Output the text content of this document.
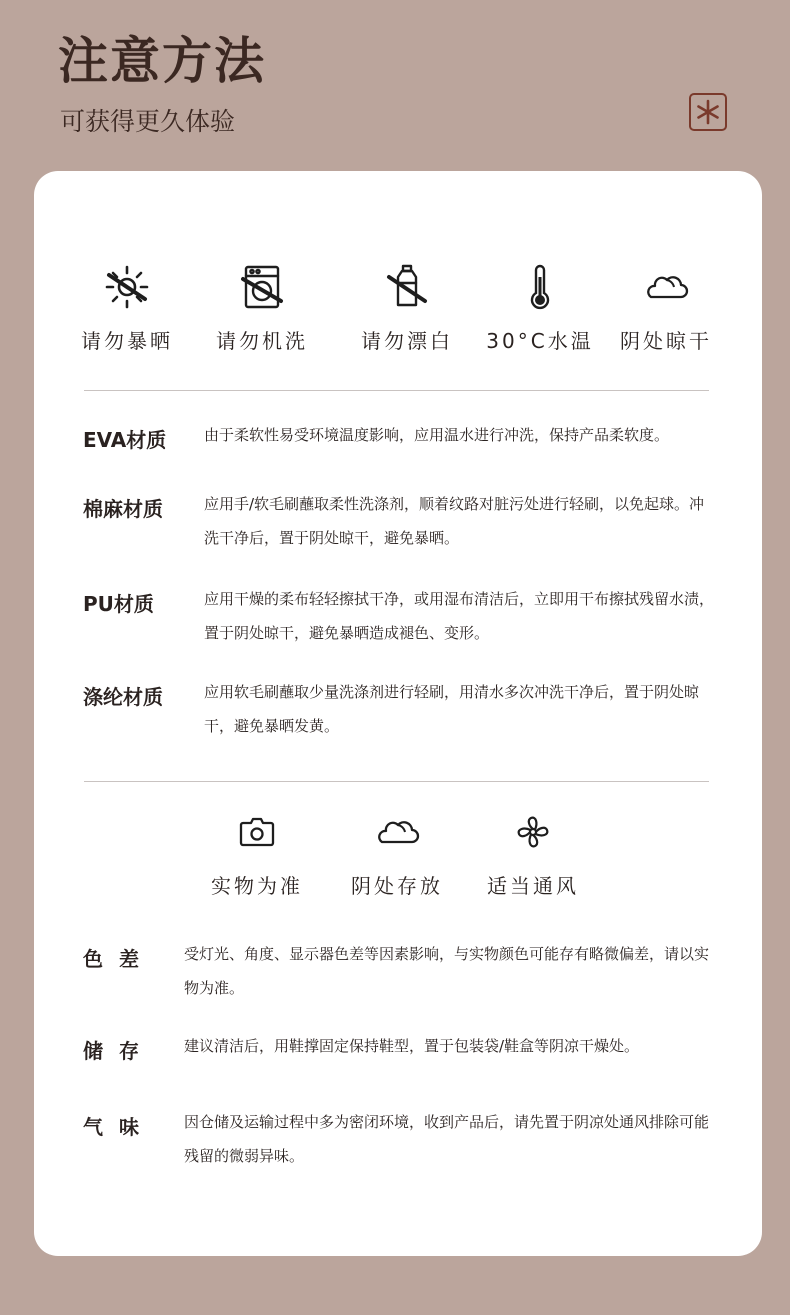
注意方法
可获得更久体验
请勿暴晒	请勿机洗	请勿漂白	30°C水温	阴处晾干
EVA材质	由于柔软性易受环境温度影响，应用温水进行冲洗，保持产品柔软度。
棉麻材质	应用手/软毛刷蘸取柔性洗涤剂，顺着纹路对脏污处进行轻刷，以免起球。冲洗干净后，置于阴处晾干，避免暴晒。
PU材质	应用干燥的柔布轻轻擦拭干净，或用湿布清洁后，立即用干布擦拭残留水渍，置于阴处晾干，避免暴晒造成褪色、变形。
涤纶材质	应用软毛刷蘸取少量洗涤剂进行轻刷，用清水多次冲洗干净后，置于阴处晾干，避免暴晒发黄。
实物为准	阴处存放	适当通风
色差 受灯光、角度、显示器色差等因素影响，与实物颜色可能存有略微偏差，请以实物为准。
储存 建议清洁后，用鞋撑固定保持鞋型，置于包装袋/鞋盒等阴凉干燥处。
气味 因仓储及运输过程中多为密闭环境，收到产品后，请先置于阴凉处通风排除可能残留的微弱异味。
